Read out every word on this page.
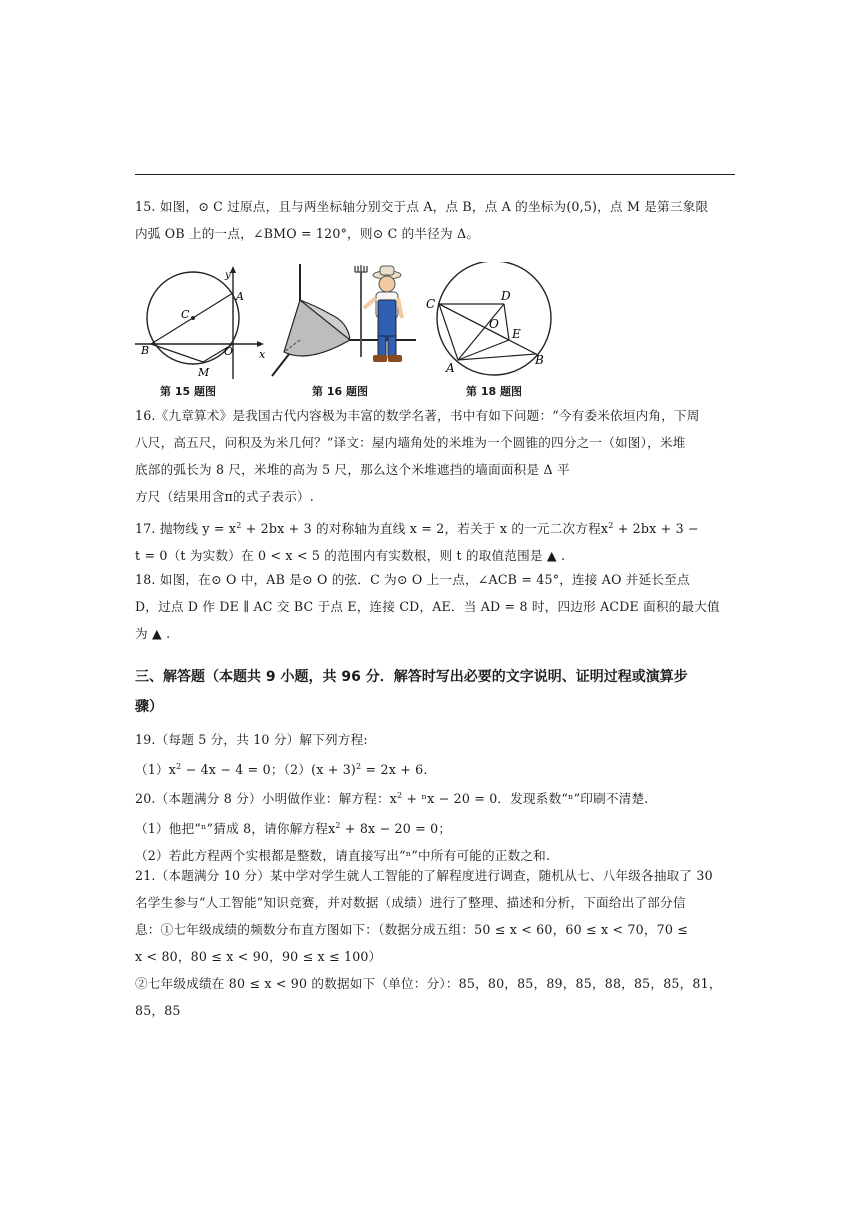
15. 如图，⊙ C 过原点，且与两坐标轴分别交于点 A，点 B，点 A 的坐标为(0,5)，点 M 是第三象限
内弧 OB 上的一点，∠BMO = 120°，则⊙ C 的半径为 Δ。
y
x
A
B
C
O
M
第 15 题图	第 16 题图
C
D
O
E
A
B
第 18 题图
16.《九章算术》是我国古代内容极为丰富的数学名著，书中有如下问题：“今有委米依垣内角，下周
八尺，高五尺，问积及为米几何？”译文：屋内墙角处的米堆为一个圆锥的四分之一（如图），米堆
底部的弧长为 8 尺，米堆的高为 5 尺，那么这个米堆遮挡的墙面面积是 Δ 平
方尺（结果用含π的式子表示）.
17. 抛物线 $y = x^2 + 2bx + 3$ 的对称轴为直线 x = 2，若关于 x 的一元二次方程$x^2 + 2bx + 3$ −
t = 0（t 为实数）在 0 < x < 5 的范围内有实数根，则 t 的取值范围是 ▲ .
18. 如图，在⊙ O 中，AB 是⊙ O 的弦．C 为⊙ O 上一点，∠ACB = 45°，连接 AO 并延长至点
D，过点 D 作 DE ∥ AC 交 BC 于点 E，连接 CD，AE．当 AD = 8 时，四边形 ACDE 面积的最大值
为 ▲ .
三、解答题（本题共 9 小题，共 96 分．解答时写出必要的文字说明、证明过程或演算步
骤）
19.（每题 5 分，共 10 分）解下列方程:
$(1)x^2 - 4x - 4 = 0$；$(2)(x + 3)^2 = 2x + 6$.
20.（本题满分 8 分）小明做作业：解方程：$x^2 + ^nx - 20 = 0$．发现系数“ⁿ”印刷不清楚.
（1）他把“ⁿ”猜成 8，请你解方程$x^2 + 8x - 20 = 0$；
（2）若此方程两个实根都是整数，请直接写出“ⁿ”中所有可能的正数之和.
21.（本题满分 10 分）某中学对学生就人工智能的了解程度进行调查，随机从七、八年级各抽取了 30
名学生参与“人工智能”知识竞赛，并对数据（成绩）进行了整理、描述和分析，下面给出了部分信
息：①七年级成绩的频数分布直方图如下：（数据分成五组：50 ≤ x < 60，60 ≤ x < 70，70 ≤
x < 80，80 ≤ x < 90，90 ≤ x ≤ 100）
②七年级成绩在 80 ≤ x < 90 的数据如下（单位：分）：85，80，85，89，85，88，85，85，81，
85，85
